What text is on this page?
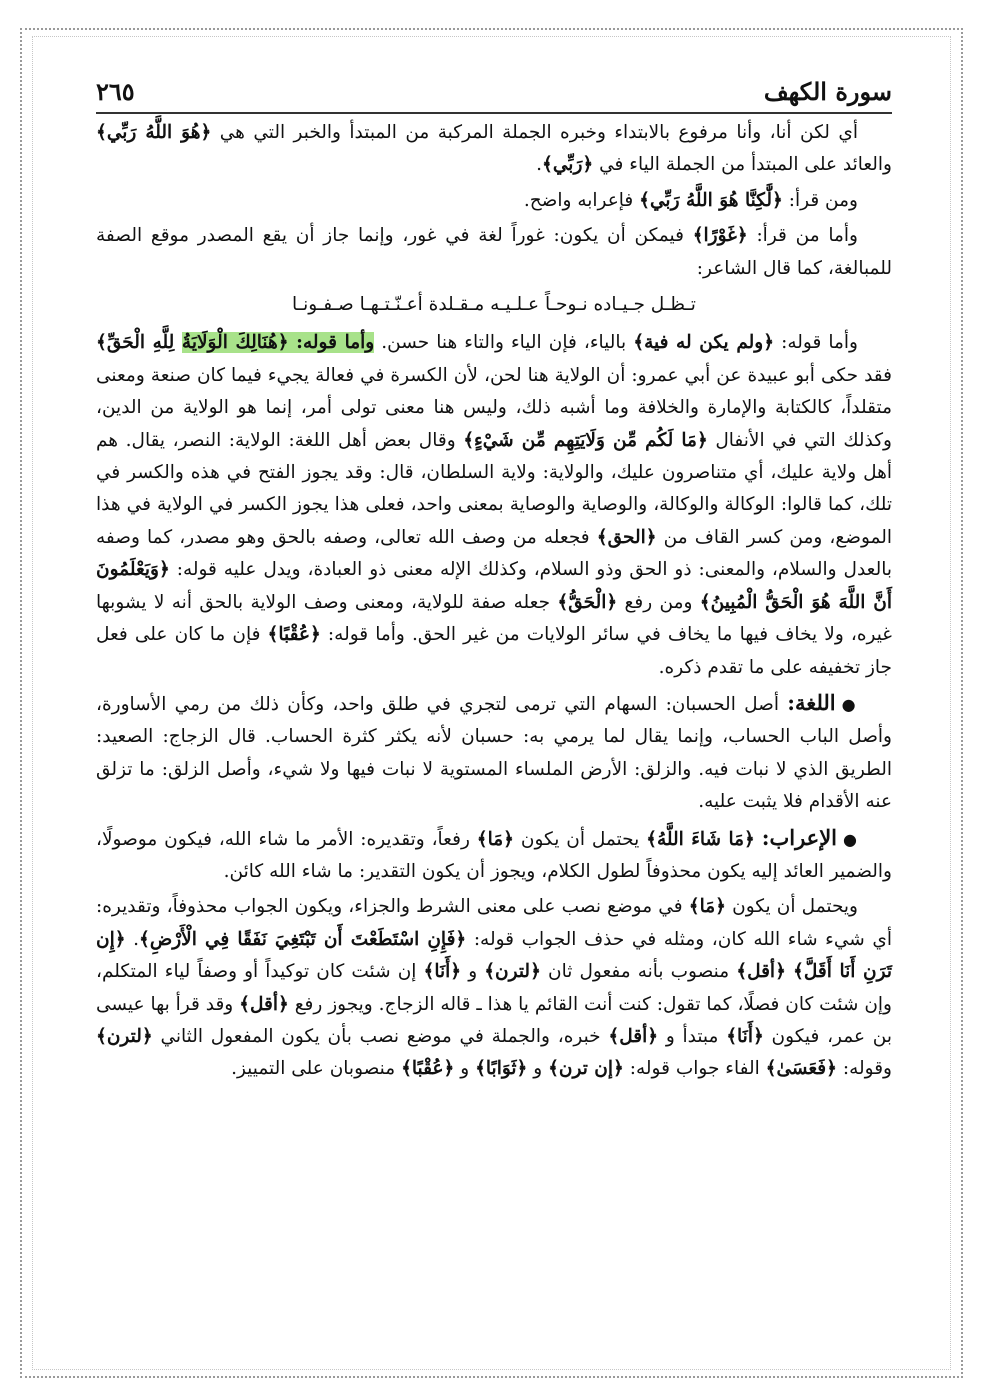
سورة الكهف
٢٦٥

أي لكن أنا، وأنا مرفوع بالابتداء وخبره الجملة المركبة من المبتدأ والخبر التي هي ﴿هُوَ اللَّهُ رَبِّي﴾ والعائد على المبتدأ من الجملة الياء في ﴿رَبِّي﴾.

ومن قرأ: ﴿لَّٰكِنَّا هُوَ اللَّهُ رَبِّي﴾ فإعرابه واضح.

وأما من قرأ: ﴿غَوْرًا﴾ فيمكن أن يكون: غوراً لغة في غور، وإنما جاز أن يقع المصدر موقع الصفة للمبالغة، كما قال الشاعر:

تـظـل جـيـاده نـوحـاً عـلـيـه مـقـلدة أعـنّـتـهـا صـفـونـا

وأما قوله: ﴿ولم يكن له فية﴾ بالياء، فإن الياء والتاء هنا حسن. وأما قوله: ﴿هُنَالِكَ الْوَلَايَةُ لِلَّهِ الْحَقِّ﴾ فقد حكى أبو عبيدة عن أبي عمرو: أن الولاية هنا لحن، لأن الكسرة في فعالة يجيء فيما كان صنعة ومعنى متقلداً، كالكتابة والإمارة والخلافة وما أشبه ذلك، وليس هنا معنى تولى أمر، إنما هو الولاية من الدين، وكذلك التي في الأنفال ﴿مَا لَكُم مِّن وَلَايَتِهِم مِّن شَيْءٍ﴾ وقال بعض أهل اللغة: الولاية: النصر، يقال. هم أهل ولاية عليك، أي متناصرون عليك، والولاية: ولاية السلطان، قال: وقد يجوز الفتح في هذه والكسر في تلك، كما قالوا: الوكالة والوكالة، والوصاية والوصاية بمعنى واحد، فعلى هذا يجوز الكسر في الولاية في هذا الموضع، ومن كسر القاف من ﴿الحق﴾ فجعله من وصف الله تعالى، وصفه بالحق وهو مصدر، كما وصفه بالعدل والسلام، والمعنى: ذو الحق وذو السلام، وكذلك الإله معنى ذو العبادة، ويدل عليه قوله: ﴿وَيَعْلَمُونَ أَنَّ اللَّهَ هُوَ الْحَقُّ الْمُبِينُ﴾ ومن رفع ﴿الْحَقُّ﴾ جعله صفة للولاية، ومعنى وصف الولاية بالحق أنه لا يشوبها غيره، ولا يخاف فيها ما يخاف في سائر الولايات من غير الحق. وأما قوله: ﴿عُقْبًا﴾ فإن ما كان على فعل جاز تخفيفه على ما تقدم ذكره.

●اللغة: أصل الحسبان: السهام التي ترمى لتجري في طلق واحد، وكأن ذلك من رمي الأساورة، وأصل الباب الحساب، وإنما يقال لما يرمي به: حسبان لأنه يكثر كثرة الحساب. قال الزجاج: الصعيد: الطريق الذي لا نبات فيه. والزلق: الأرض الملساء المستوية لا نبات فيها ولا شيء، وأصل الزلق: ما تزلق عنه الأقدام فلا يثبت عليه.

●الإعراب: ﴿مَا شَاءَ اللَّهُ﴾ يحتمل أن يكون ﴿مَا﴾ رفعاً، وتقديره: الأمر ما شاء الله، فيكون موصولًا، والضمير العائد إليه يكون محذوفاً لطول الكلام، ويجوز أن يكون التقدير: ما شاء الله كائن.

ويحتمل أن يكون ﴿مَا﴾ في موضع نصب على معنى الشرط والجزاء، ويكون الجواب محذوفاً، وتقديره: أي شيء شاء الله كان، ومثله في حذف الجواب قوله: ﴿فَإِنِ اسْتَطَعْتَ أَن تَبْتَغِيَ نَفَقًا فِي الْأَرْضِ﴾. ﴿إِن تَرَنِ أَنَا أَقَلَّ﴾ ﴿أقل﴾ منصوب بأنه مفعول ثان ﴿لترن﴾ و ﴿أَنَا﴾ إن شئت كان توكيداً أو وصفاً لياء المتكلم، وإن شئت كان فصلًا، كما تقول: كنت أنت القائم يا هذا ـ قاله الزجاج. ويجوز رفع ﴿أقل﴾ وقد قرأ بها عيسى بن عمر، فيكون ﴿أَنَا﴾ مبتدأ و ﴿أقل﴾ خبره، والجملة في موضع نصب بأن يكون المفعول الثاني ﴿لترن﴾ وقوله: ﴿فَعَسَىٰ﴾ الفاء جواب قوله: ﴿إن ترن﴾ و ﴿ثَوَابًا﴾ و ﴿عُقْبًا﴾ منصوبان على التمييز.
